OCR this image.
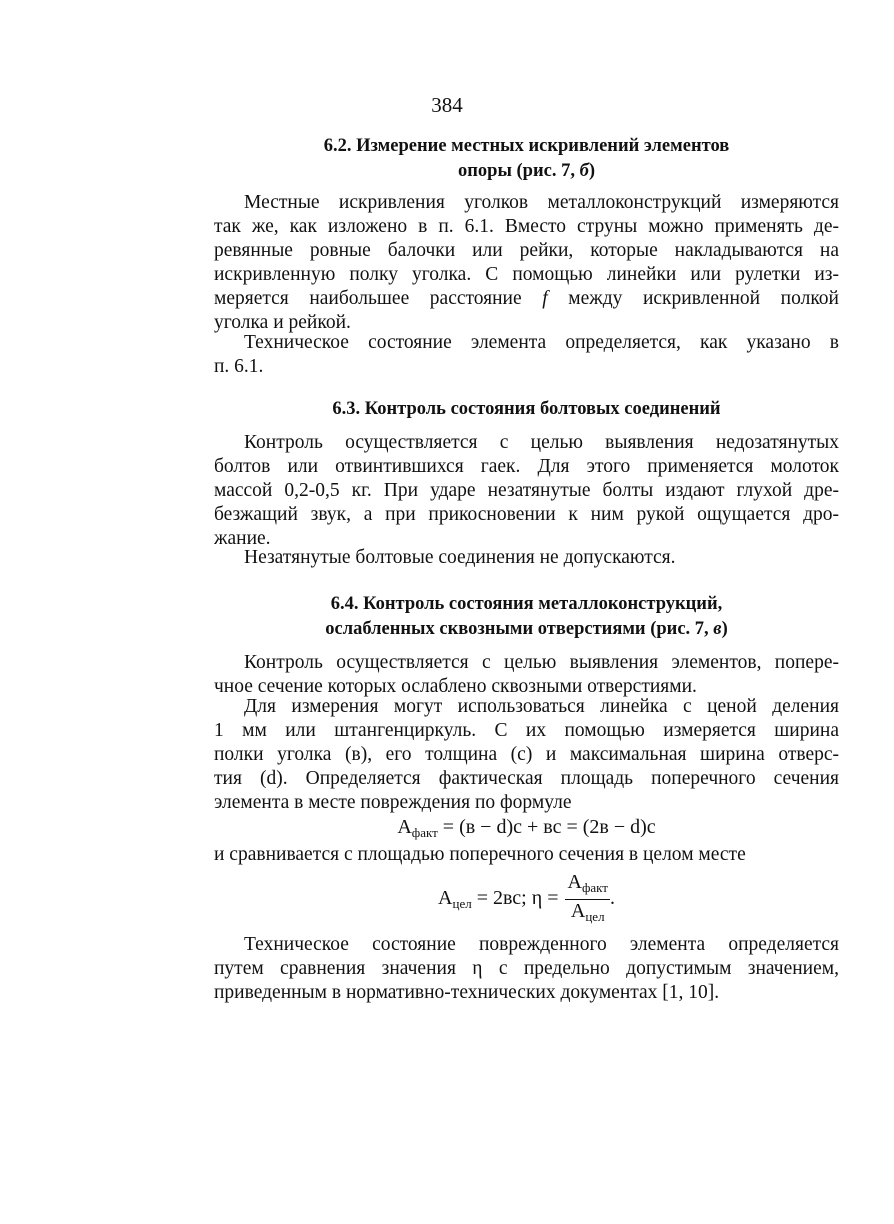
384
6.2. Измерение местных искривлений элементов
опоры (рис. 7, б)
Местные искривления уголков металлоконструкций измеряются
так же, как изложено в п. 6.1. Вместо струны можно применять де-
ревянные ровные балочки или рейки, которые накладываются на
искривленную полку уголка. С помощью линейки или рулетки из-
меряется наибольшее расстояние f между искривленной полкой
уголка и рейкой.
Техническое состояние элемента определяется, как указано в
п. 6.1.
6.3. Контроль состояния болтовых соединений
Контроль осуществляется с целью выявления недозатянутых
болтов или отвинтившихся гаек. Для этого применяется молоток
массой 0,2-0,5 кг. При ударе незатянутые болты издают глухой дре-
безжащий звук, а при прикосновении к ним рукой ощущается дро-
жание.
Незатянутые болтовые соединения не допускаются.
6.4. Контроль состояния металлоконструкций,
ослабленных сквозными отверстиями (рис. 7, в)
Контроль осуществляется с целью выявления элементов, попере-
чное сечение которых ослаблено сквозными отверстиями.
Для измерения могут использоваться линейка с ценой деления
1 мм или штангенциркуль. С их помощью измеряется ширина
полки уголка (в), его толщина (с) и максимальная ширина отверс-
тия (d). Определяется фактическая площадь поперечного сечения
элемента в месте повреждения по формуле
$А_{факт} = (в - d)с$ + вс = (2в − d)с
и сравнивается с площадью поперечного сечения в целом месте
$А_{цел} = 2вс$; $\eta = \frac{А_{факт}}{А_{цел}}$ .
Техническое состояние поврежденного элемента определяется
путем сравнения значения η с предельно допустимым значением,
приведенным в нормативно-технических документах [1, 10].
